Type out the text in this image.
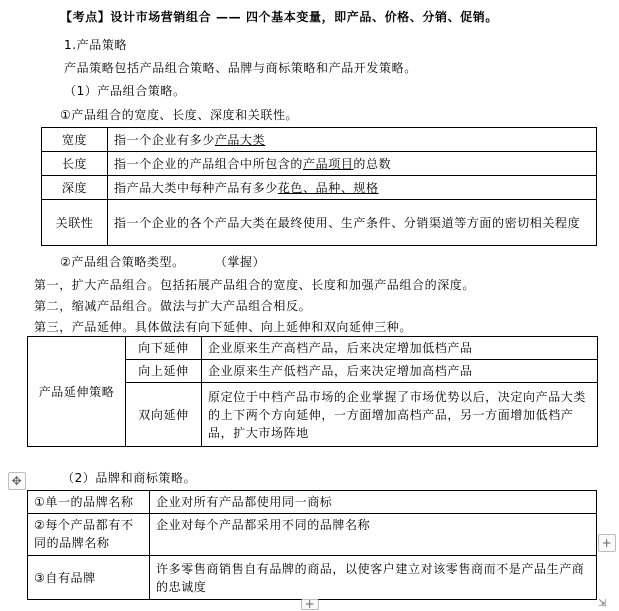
【考点】设计市场营销组合 —— 四个基本变量，即产品、价格、分销、促销。
1.产品策略
产品策略包括产品组合策略、品牌与商标策略和产品开发策略。
（1）产品组合策略。
①产品组合的宽度、长度、深度和关联性。
宽度	指一个企业有多少产品大类
长度	指一个企业的产品组合中所包含的产品项目的总数
深度	指产品大类中每种产品有多少花色、品种、规格
关联性	指一个企业的各个产品大类在最终使用、生产条件、分销渠道等方面的密切相关程度
②产品组合策略类型。	（掌握）
第一，扩大产品组合。包括拓展产品组合的宽度、长度和加强产品组合的深度。
第二，缩减产品组合。做法与扩大产品组合相反。
第三，产品延伸。具体做法有向下延伸、向上延伸和双向延伸三种。
产品延伸策略	向下延伸	企业原来生产高档产品，后来决定增加低档产品
	向上延伸	企业原来生产低档产品，后来决定增加高档产品
	双向延伸	原定位于中档产品市场的企业掌握了市场优势以后，决定向产品大类的上下两个方向延伸，一方面增加高档产品，另一方面增加低档产品，扩大市场阵地
✥	（2）品牌和商标策略。
①单一的品牌名称	企业对所有产品都使用同一商标
②每个产品都有不同的品牌名称	企业对每个产品都采用不同的品牌名称
③自有品牌	许多零售商销售自有品牌的商品，以使客户建立对该零售商而不是产品生产商的忠诚度
+
+	⇲
